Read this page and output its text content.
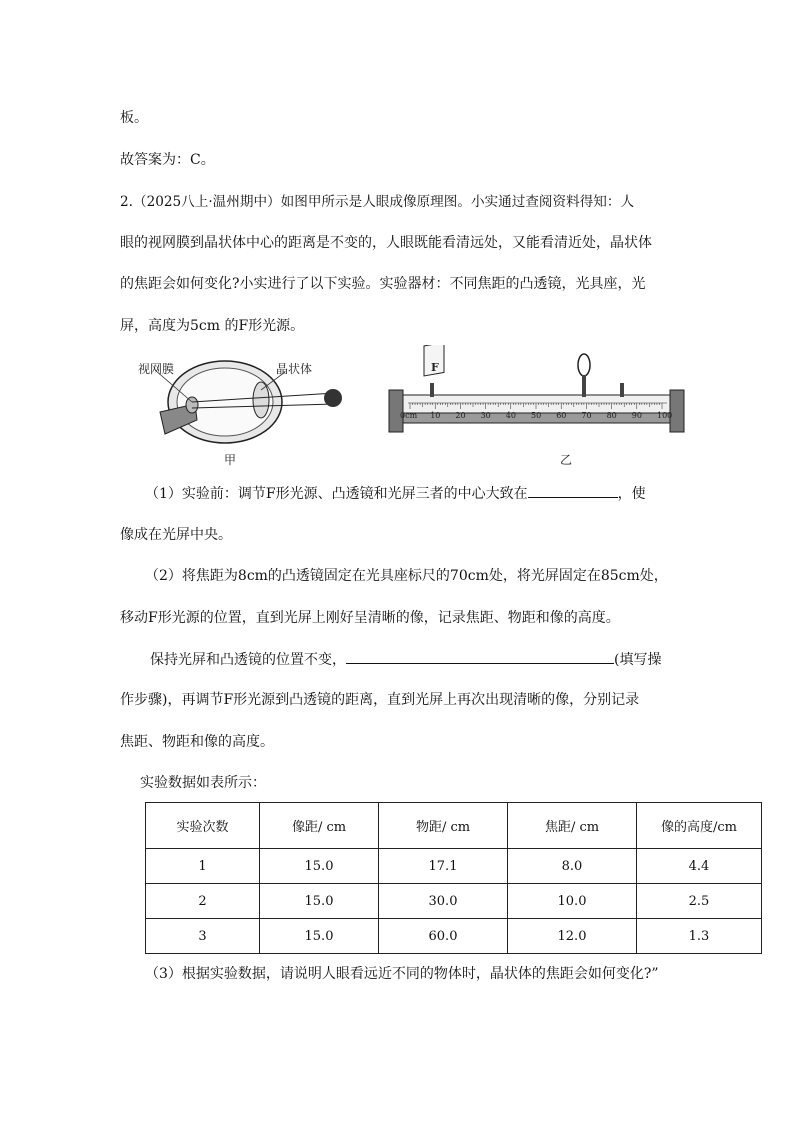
板。
故答案为：C。
2.（2025八上·温州期中）如图甲所示是人眼成像原理图。小实通过查阅资料得知：人
眼的视网膜到晶状体中心的距离是不变的，人眼既能看清远处，又能看清近处，晶状体
的焦距会如何变化?小实进行了以下实验。实验器材：不同焦距的凸透镜，光具座，光
屏，高度为5cm 的F形光源。
视网膜	晶状体
甲
F
0cm 10 20 30 40 50 60 70 80 90 100
乙
（1）实验前：调节F形光源、凸透镜和光屏三者的中心大致在	，使
像成在光屏中央。
（2）将焦距为8cm的凸透镜固定在光具座标尺的70cm处，将光屏固定在85cm处，
移动F形光源的位置，直到光屏上刚好呈清晰的像，记录焦距、物距和像的高度。
保持光屏和凸透镜的位置不变，	(填写操
作步骤)，再调节F形光源到凸透镜的距离，直到光屏上再次出现清晰的像，分别记录
焦距、物距和像的高度。
实验数据如表所示：
实验次数	像距/ cm	物距/ cm	焦距/ cm	像的高度/cm
1	15.0	17.1	8.0	4.4
2	15.0	30.0	10.0	2.5
3	15.0	60.0	12.0	1.3
（3）根据实验数据，请说明人眼看远近不同的物体时，晶状体的焦距会如何变化?”
